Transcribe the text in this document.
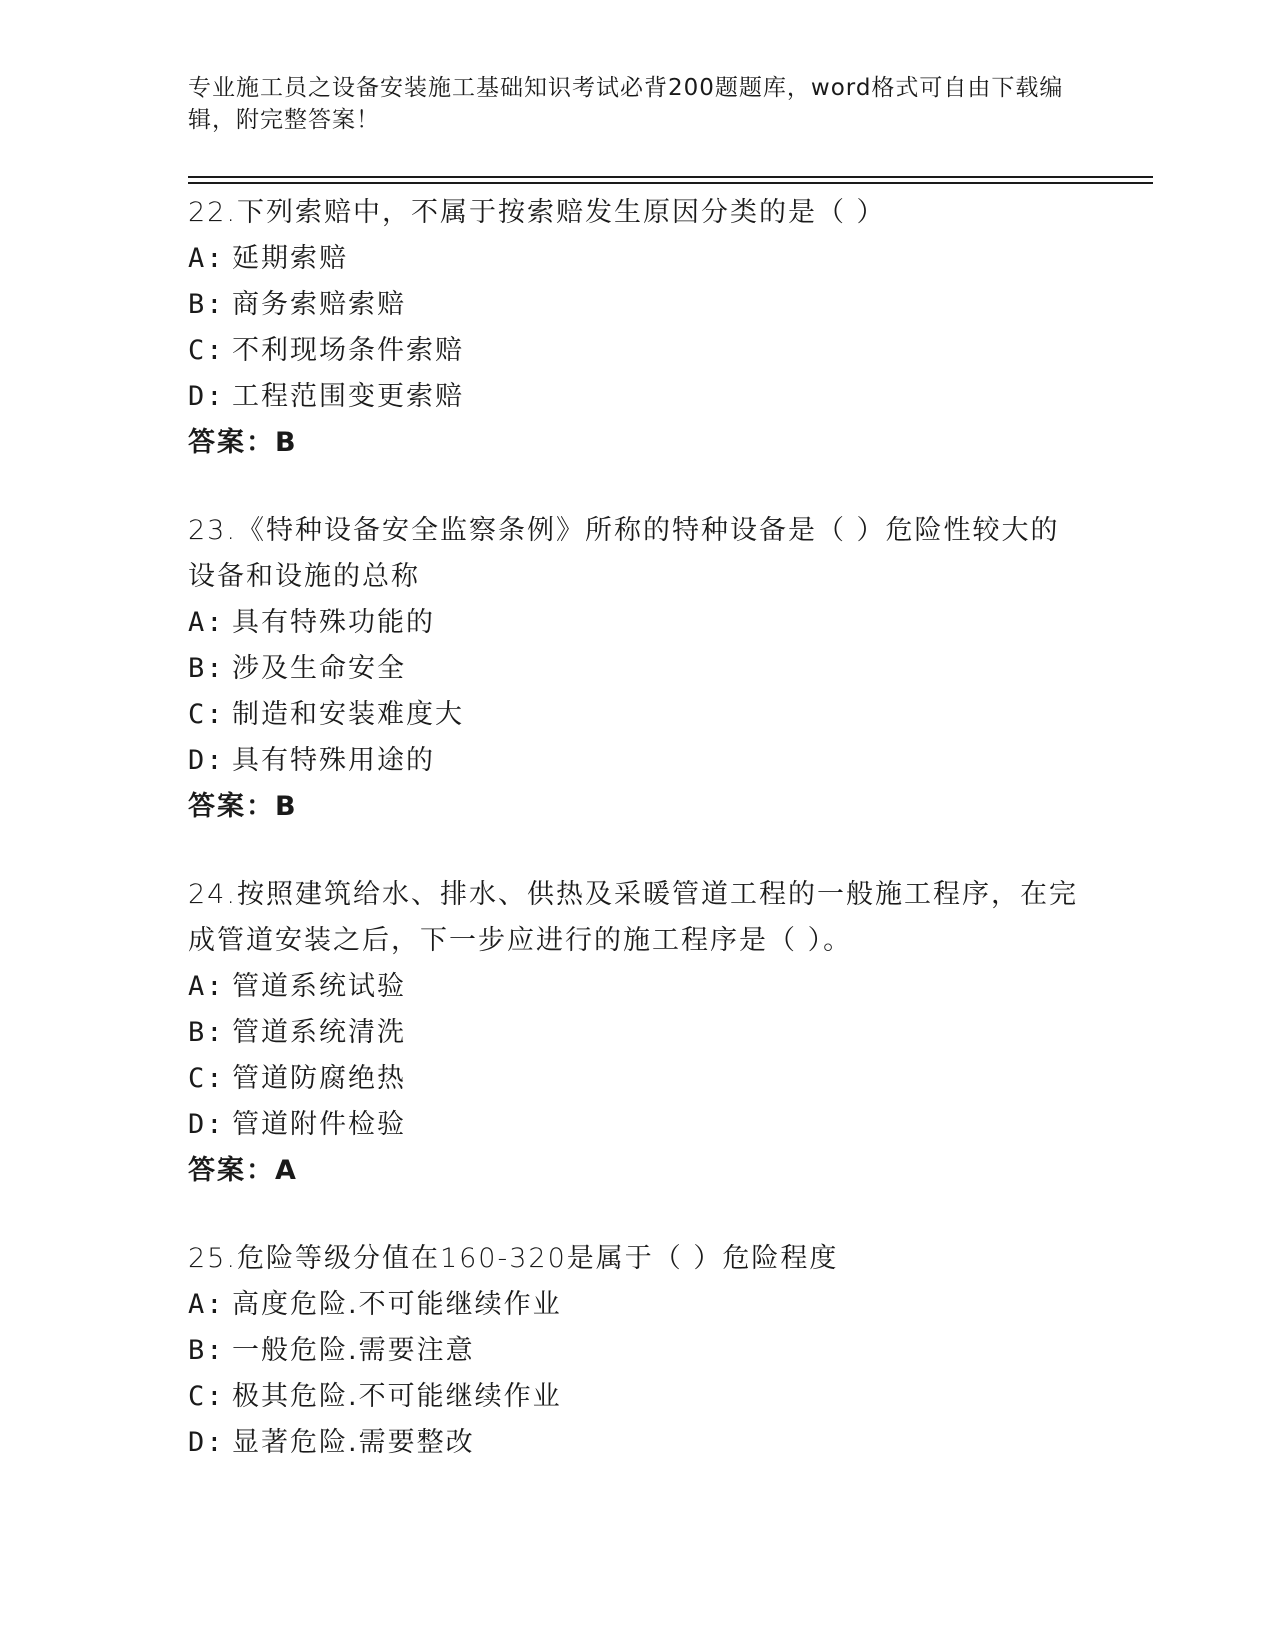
专业施工员之设备安装施工基础知识考试必背200题题库，word格式可自由下载编辑，附完整答案！
22.下列索赔中，不属于按索赔发生原因分类的是（ ）
A: 延期索赔
B: 商务索赔索赔
C: 不利现场条件索赔
D: 工程范围变更索赔
答案：B
23.《特种设备安全监察条例》所称的特种设备是（ ）危险性较大的设备和设施的总称
A: 具有特殊功能的
B: 涉及生命安全
C: 制造和安装难度大
D: 具有特殊用途的
答案：B
24.按照建筑给水、排水、供热及采暖管道工程的一般施工程序，在完成管道安装之后，下一步应进行的施工程序是（ ）。
A: 管道系统试验
B: 管道系统清洗
C: 管道防腐绝热
D: 管道附件检验
答案：A
25.危险等级分值在160-320是属于（ ）危险程度
A: 高度危险.不可能继续作业
B: 一般危险.需要注意
C: 极其危险.不可能继续作业
D: 显著危险.需要整改
